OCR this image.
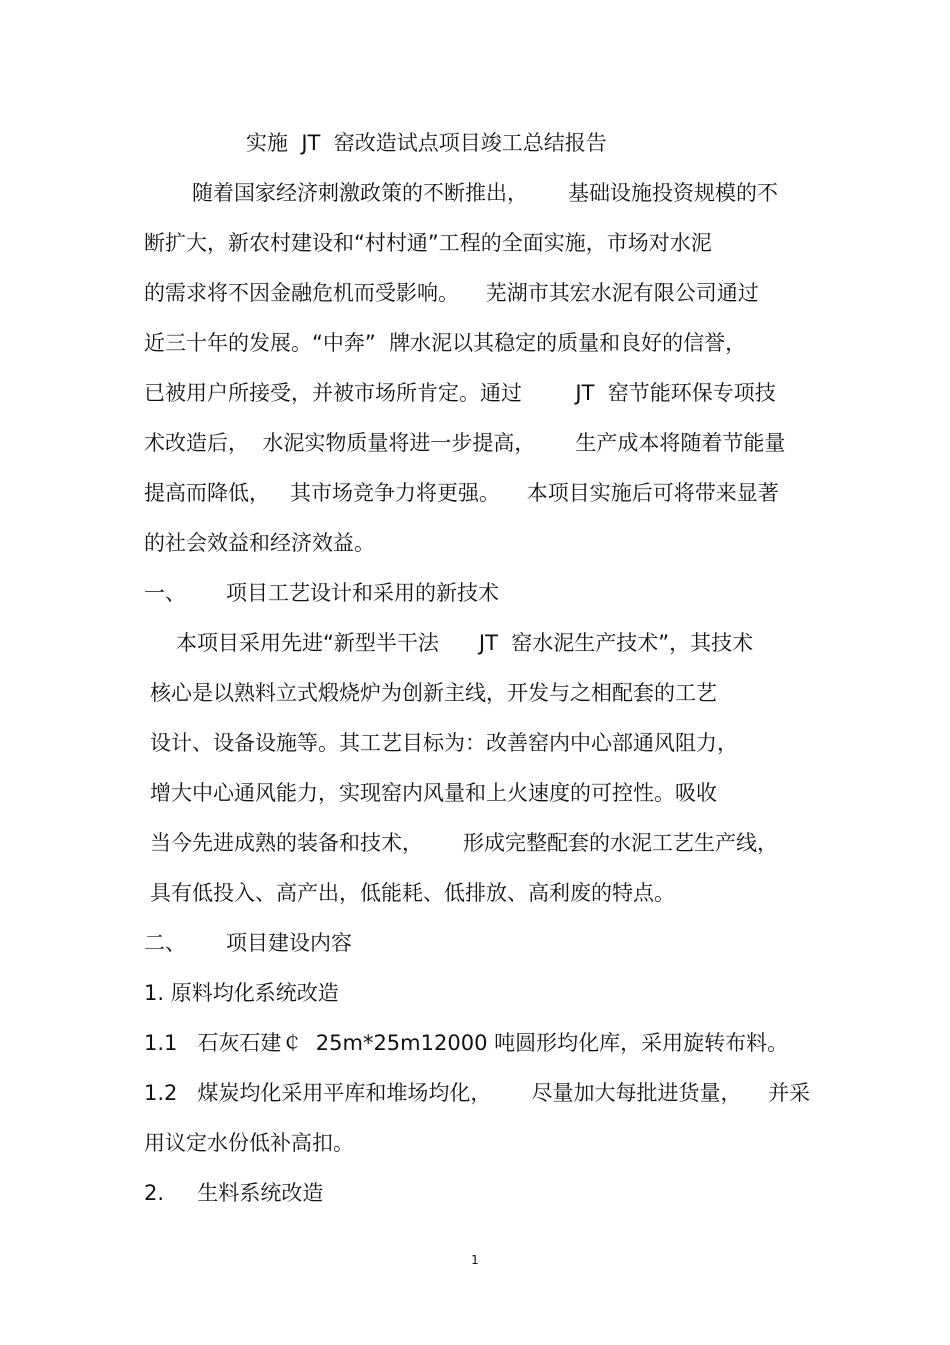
实施  JT  窑改造试点项目竣工总结报告
随着国家经济刺激政策的不断推出，      基础设施投资规模的不
断扩大，新农村建设和“村村通”工程的全面实施，市场对水泥
的需求将不因金融危机而受影响。    芜湖市其宏水泥有限公司通过
近三十年的发展。“中奔”  牌水泥以其稳定的质量和良好的信誉，
已被用户所接受，并被市场所肯定。通过        JT  窑节能环保专项技
术改造后，  水泥实物质量将进一步提高，      生产成本将随着节能量
提高而降低，   其市场竞争力将更强。    本项目实施后可将带来显著
的社会效益和经济效益。
一、      项目工艺设计和采用的新技术
本项目采用先进“新型半干法      JT  窑水泥生产技术”，其技术
核心是以熟料立式煅烧炉为创新主线，开发与之相配套的工艺
设计、设备设施等。其工艺目标为：改善窑内中心部通风阻力，
增大中心通风能力，实现窑内风量和上火速度的可控性。吸收
当今先进成熟的装备和技术，      形成完整配套的水泥工艺生产线，
具有低投入、高产出，低能耗、低排放、高利废的特点。
二、      项目建设内容
1. 原料均化系统改造
1.1   石灰石建￠  25m*25m12000 吨圆形均化库，采用旋转布料。
1.2   煤炭均化采用平库和堆场均化，      尽量加大每批进货量，    并采
用议定水份低补高扣。
2.     生料系统改造
1
